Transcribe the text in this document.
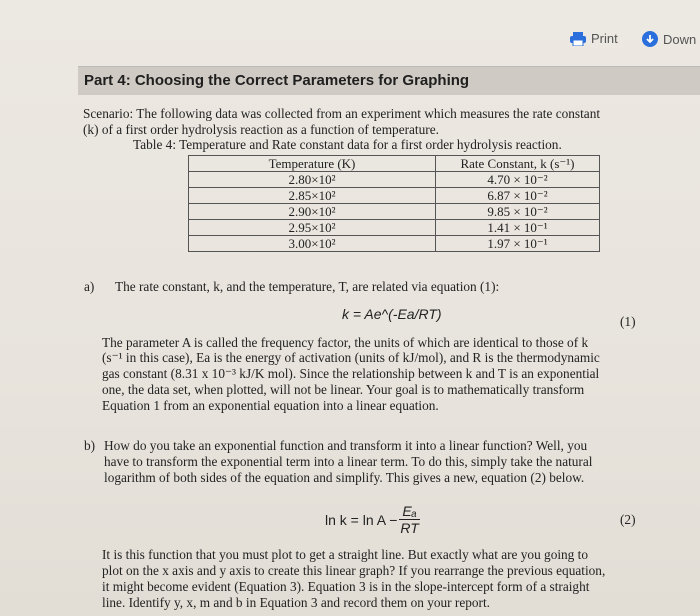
Print	Down
Part 4: Choosing the Correct Parameters for Graphing
Scenario: The following data was collected from an experiment which measures the rate constant
(k) of a first order hydrolysis reaction as a function of temperature.
Table 4: Temperature and Rate constant data for a first order hydrolysis reaction.
Temperature (K)	Rate Constant, k (s⁻¹)
2.80×10²	4.70 × 10⁻²
2.85×10²	6.87 × 10⁻²
2.90×10²	9.85 × 10⁻²
2.95×10²	1.41 × 10⁻¹
3.00×10²	1.97 × 10⁻¹
a) The rate constant, k, and the temperature, T, are related via equation (1):
k = Ae^(-Ea/RT)	(1)
The parameter A is called the frequency factor, the units of which are identical to those of k
(s⁻¹ in this case), Ea is the energy of activation (units of kJ/mol), and R is the thermodynamic
gas constant (8.31 x 10⁻³ kJ/K mol). Since the relationship between k and T is an exponential
one, the data set, when plotted, will not be linear. Your goal is to mathematically transform
Equation 1 from an exponential equation into a linear equation.
b) How do you take an exponential function and transform it into a linear function? Well, you
have to transform the exponential term into a linear term. To do this, simply take the natural
logarithm of both sides of the equation and simplify. This gives a new, equation (2) below.
$\ln k = \ln A - \frac{\text{Eₐ}}{RT}$	(2)
It is this function that you must plot to get a straight line. But exactly what are you going to
plot on the x axis and y axis to create this linear graph? If you rearrange the previous equation,
it might become evident (Equation 3). Equation 3 is in the slope-intercept form of a straight
line. Identify y, x, m and b in Equation 3 and record them on your report.
